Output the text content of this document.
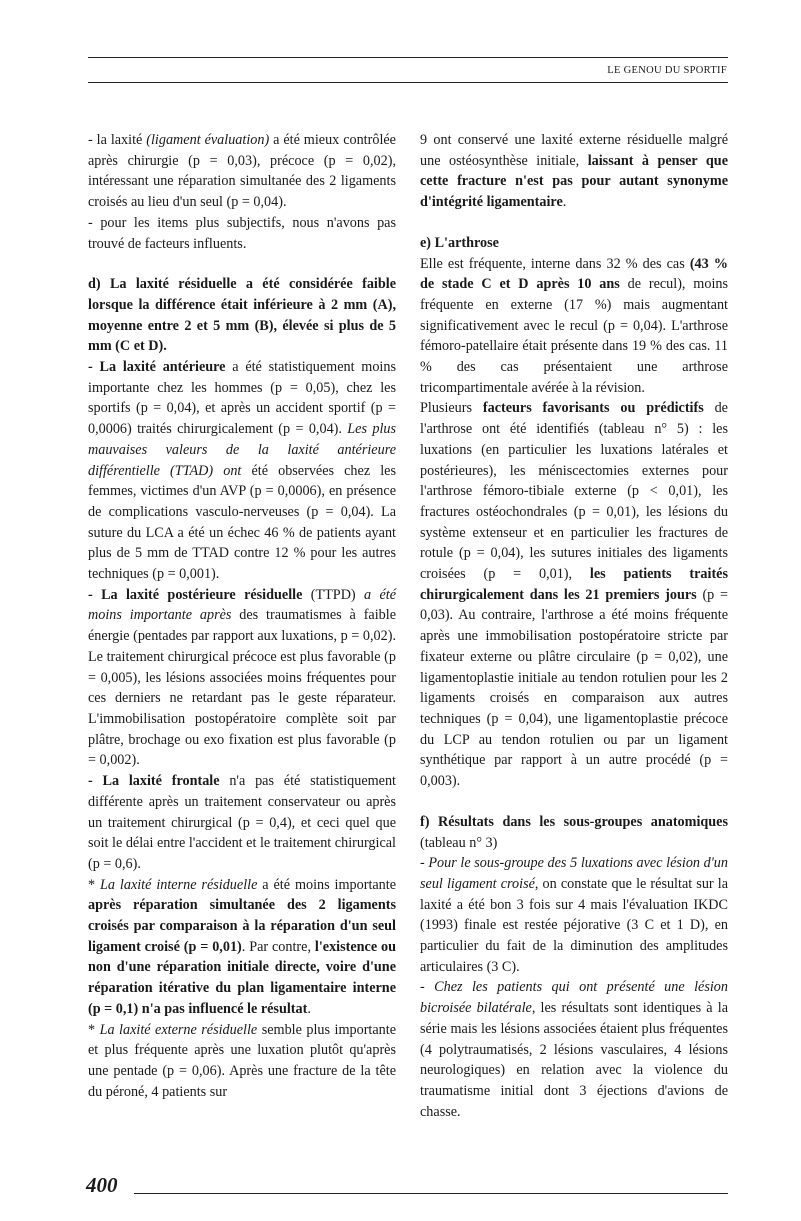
LE GENOU DU SPORTIF

- la laxité (ligament évaluation) a été mieux contrôlée après chirurgie (p = 0,03), précoce (p = 0,02), intéressant une réparation simultanée des 2 ligaments croisés au lieu d'un seul (p = 0,04).

- pour les items plus subjectifs, nous n'avons pas trouvé de facteurs influents.

d) La laxité résiduelle a été considérée faible lorsque la différence était inférieure à 2 mm (A), moyenne entre 2 et 5 mm (B), élevée si plus de 5 mm (C et D).

- La laxité antérieure a été statistiquement moins importante chez les hommes (p = 0,05), chez les sportifs (p = 0,04), et après un accident sportif (p = 0,0006) traités chirurgicalement (p = 0,04). Les plus mauvaises valeurs de la laxité antérieure différentielle (TTAD) ont été observées chez les femmes, victimes d'un AVP (p = 0,0006), en présence de complications vasculo-nerveuses (p = 0,04). La suture du LCA a été un échec 46 % de patients ayant plus de 5 mm de TTAD contre 12 % pour les autres techniques (p = 0,001).

- La laxité postérieure résiduelle (TTPD) a été moins importante après des traumatismes à faible énergie (pentades par rapport aux luxations, p = 0,02). Le traitement chirurgical précoce est plus favorable (p = 0,005), les lésions associées moins fréquentes pour ces derniers ne retardant pas le geste réparateur. L'immobilisation postopératoire complète soit par plâtre, brochage ou exo fixation est plus favorable (p = 0,002).

- La laxité frontale n'a pas été statistiquement différente après un traitement conservateur ou après un traitement chirurgical (p = 0,4), et ceci quel que soit le délai entre l'accident et le traitement chirurgical (p = 0,6).

* La laxité interne résiduelle a été moins importante après réparation simultanée des 2 ligaments croisés par comparaison à la réparation d'un seul ligament croisé (p = 0,01). Par contre, l'existence ou non d'une réparation initiale directe, voire d'une réparation itérative du plan ligamentaire interne (p = 0,1) n'a pas influencé le résultat.

* La laxité externe résiduelle semble plus importante et plus fréquente après une luxation plutôt qu'après une pentade (p = 0,06). Après une fracture de la tête du péroné, 4 patients sur

9 ont conservé une laxité externe résiduelle malgré une ostéosynthèse initiale, laissant à penser que cette fracture n'est pas pour autant synonyme d'intégrité ligamentaire.

e) L'arthrose

Elle est fréquente, interne dans 32 % des cas (43 % de stade C et D après 10 ans de recul), moins fréquente en externe (17 %) mais augmentant significativement avec le recul (p = 0,04). L'arthrose fémoro-patellaire était présente dans 19 % des cas. 11 % des cas présentaient une arthrose tricompartimentale avérée à la révision.

Plusieurs facteurs favorisants ou prédictifs de l'arthrose ont été identifiés (tableau n° 5) : les luxations (en particulier les luxations latérales et postérieures), les méniscectomies externes pour l'arthrose fémoro-tibiale externe (p < 0,01), les fractures ostéochondrales (p = 0,01), les lésions du système extenseur et en particulier les fractures de rotule (p = 0,04), les sutures initiales des ligaments croisées (p = 0,01), les patients traités chirurgicalement dans les 21 premiers jours (p = 0,03). Au contraire, l'arthrose a été moins fréquente après une immobilisation postopératoire stricte par fixateur externe ou plâtre circulaire (p = 0,02), une ligamentoplastie initiale au tendon rotulien pour les 2 ligaments croisés en comparaison aux autres techniques (p = 0,04), une ligamentoplastie précoce du LCP au tendon rotulien ou par un ligament synthétique par rapport à un autre procédé (p = 0,003).

f) Résultats dans les sous-groupes anatomiques (tableau n° 3)

- Pour le sous-groupe des 5 luxations avec lésion d'un seul ligament croisé, on constate que le résultat sur la laxité a été bon 3 fois sur 4 mais l'évaluation IKDC (1993) finale est restée péjorative (3 C et 1 D), en particulier du fait de la diminution des amplitudes articulaires (3 C).

- Chez les patients qui ont présenté une lésion bicroisée bilatérale, les résultats sont identiques à la série mais les lésions associées étaient plus fréquentes (4 polytraumatisés, 2 lésions vasculaires, 4 lésions neurologiques) en relation avec la violence du traumatisme initial dont 3 éjections d'avions de chasse.

400
